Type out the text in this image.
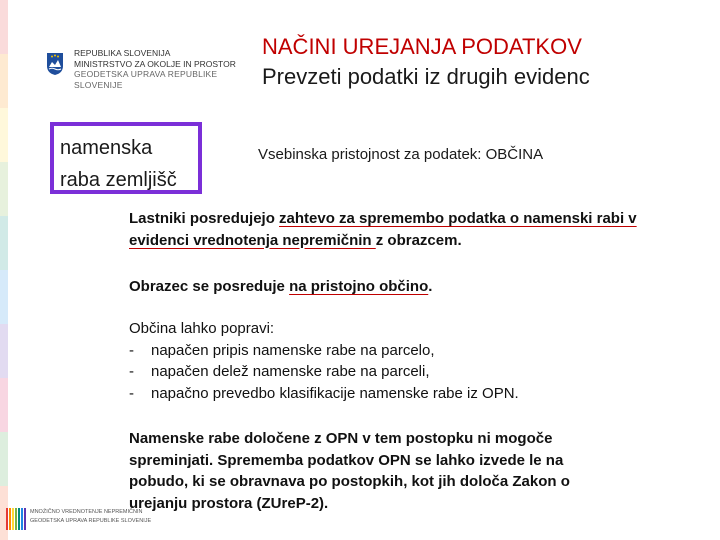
REPUBLIKA SLOVENIJA
MINISTRSTVO ZA OKOLJE IN PROSTOR
GEODETSKA UPRAVA REPUBLIKE SLOVENIJE
NAČINI UREJANJA PODATKOV
Prevzeti podatki iz drugih evidenc
namenska
raba zemljišč
Vsebinska pristojnost za podatek: OBČINA
Lastniki posredujejo zahtevo za spremembo podatka o namenski rabi v evidenci vrednotenja nepremičnin z obrazcem.
Obrazec se posreduje na pristojno občino.
Občina lahko popravi:
- napačen pripis namenske rabe na parcelo,
- napačen delež namenske rabe na parceli,
- napačno prevedbo klasifikacije namenske rabe iz OPN.
Namenske rabe določene z OPN v tem postopku ni mogoče
spreminjati. Sprememba podatkov OPN se lahko izvede le na
pobudo, ki se obravnava po postopkih, kot jih določa Zakon o
urejanju prostora (ZUreP-2).
MNOŽIČNO VREDNOTENJE NEPREMIČNIN
GEODETSKA UPRAVA REPUBLIKE SLOVENIJE
